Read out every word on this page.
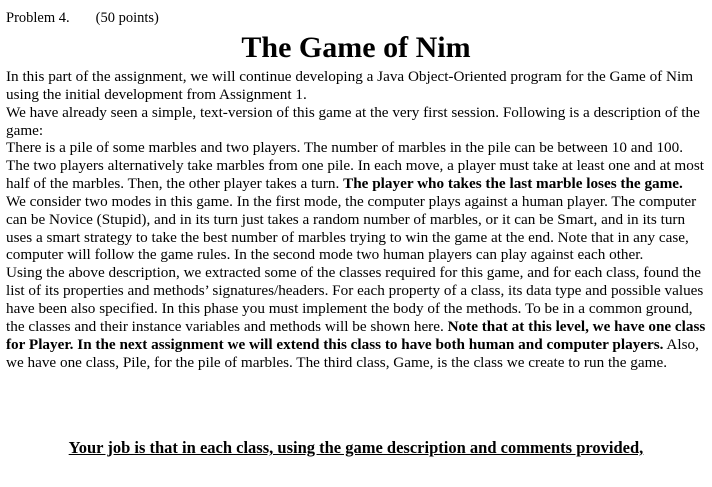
Problem 4. (50 points)
The Game of Nim

In this part of the assignment, we will continue developing a Java Object-Oriented program for the Game of Nim using the initial development from Assignment 1.

We have already seen a simple, text-version of this game at the very first session. Following is a description of the game:

There is a pile of some marbles and two players. The number of marbles in the pile can be between 10 and 100. The two players alternatively take marbles from one pile. In each move, a player must take at least one and at most half of the marbles. Then, the other player takes a turn. The player who takes the last marble loses the game.

We consider two modes in this game. In the first mode, the computer plays against a human player. The computer can be Novice (Stupid), and in its turn just takes a random number of marbles, or it can be Smart, and in its turn uses a smart strategy to take the best number of marbles trying to win the game at the end. Note that in any case, computer will follow the game rules. In the second mode two human players can play against each other.

Using the above description, we extracted some of the classes required for this game, and for each class, found the list of its properties and methods’ signatures/headers. For each property of a class, its data type and possible values have been also specified. In this phase you must implement the body of the methods. To be in a common ground, the classes and their instance variables and methods will be shown here. Note that at this level, we have one class for Player. In the next assignment we will extend this class to have both human and computer players. Also, we have one class, Pile, for the pile of marbles. The third class, Game, is the class we create to run the game.

Your job is that in each class, using the game description and comments provided,
